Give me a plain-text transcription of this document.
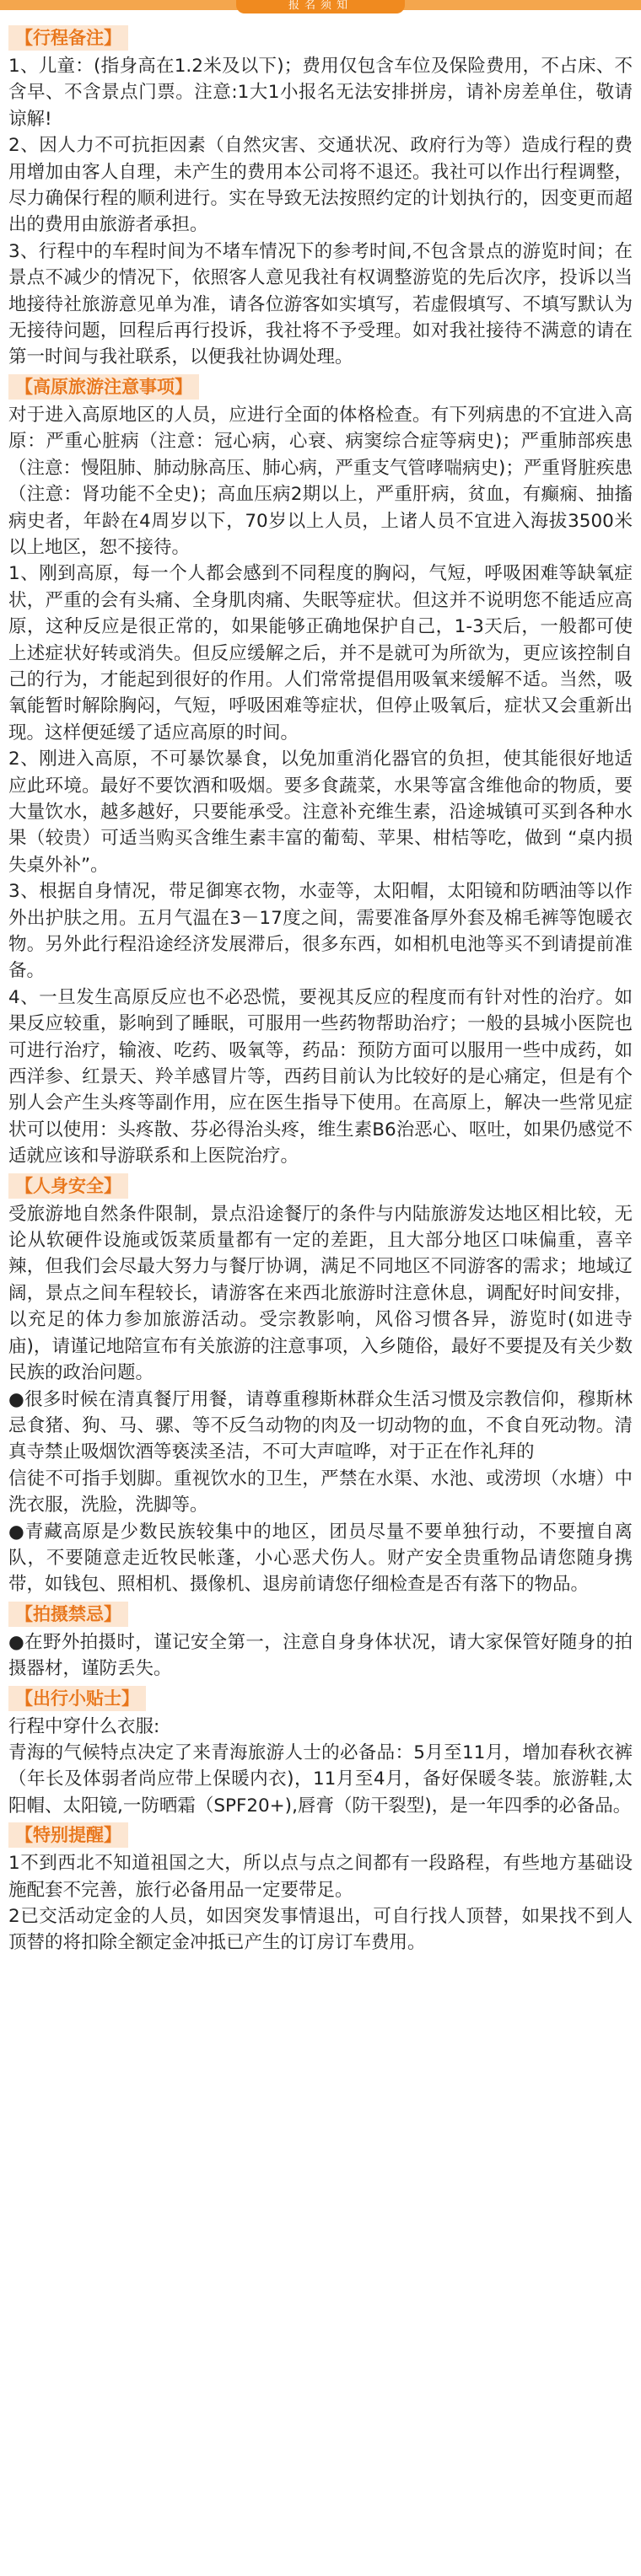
报名须知
【行程备注】

1、儿童：(指身高在1.2米及以下)；费用仅包含车位及保险费用，不占床、不含早、不含景点门票。注意:1大1小报名无法安排拼房，请补房差单住，敬请谅解!

2、因人力不可抗拒因素（自然灾害、交通状况、政府行为等）造成行程的费用增加由客人自理，未产生的费用本公司将不退还。我社可以作出行程调整，尽力确保行程的顺利进行。实在导致无法按照约定的计划执行的，因变更而超出的费用由旅游者承担。

3、行程中的车程时间为不堵车情况下的参考时间,不包含景点的游览时间；在景点不减少的情况下，依照客人意见我社有权调整游览的先后次序，投诉以当地接待社旅游意见单为准，请各位游客如实填写，若虚假填写、不填写默认为无接待问题，回程后再行投诉，我社将不予受理。如对我社接待不满意的请在第一时间与我社联系，以便我社协调处理。

【高原旅游注意事项】

对于进入高原地区的人员，应进行全面的体格检查。有下列病患的不宜进入高原：严重心脏病（注意：冠心病，心衰、病窦综合症等病史)；严重肺部疾患（注意：慢阻肺、肺动脉高压、肺心病，严重支气管哮喘病史)；严重肾脏疾患（注意：肾功能不全史)；高血压病2期以上，严重肝病，贫血，有癫痫、抽搐病史者，年龄在4周岁以下，70岁以上人员，上诸人员不宜进入海拔3500米以上地区，恕不接待。

1、刚到高原，每一个人都会感到不同程度的胸闷，气短，呼吸困难等缺氧症状，严重的会有头痛、全身肌肉痛、失眠等症状。但这并不说明您不能适应高原，这种反应是很正常的，如果能够正确地保护自己，1-3天后，一般都可使上述症状好转或消失。但反应缓解之后，并不是就可为所欲为，更应该控制自己的行为，才能起到很好的作用。人们常常提倡用吸氧来缓解不适。当然，吸氧能暂时解除胸闷，气短，呼吸困难等症状，但停止吸氧后，症状又会重新出现。这样便延缓了适应高原的时间。

2、刚进入高原，不可暴饮暴食，以免加重消化器官的负担，使其能很好地适应此环境。最好不要饮酒和吸烟。要多食蔬菜，水果等富含维他命的物质，要大量饮水，越多越好，只要能承受。注意补充维生素，沿途城镇可买到各种水果（较贵）可适当购买含维生素丰富的葡萄、苹果、柑桔等吃，做到 “桌内损失桌外补”。

3、根据自身情况，带足御寒衣物，水壶等，太阳帽，太阳镜和防晒油等以作外出护肤之用。五月气温在3－17度之间，需要准备厚外套及棉毛裤等饱暖衣物。另外此行程沿途经济发展滞后，很多东西，如相机电池等买不到请提前准备。

4、一旦发生高原反应也不必恐慌，要视其反应的程度而有针对性的治疗。如果反应较重，影响到了睡眠，可服用一些药物帮助治疗；一般的县城小医院也可进行治疗，输液、吃药、吸氧等，药品：预防方面可以服用一些中成药，如西洋参、红景天、羚羊感冒片等，西药目前认为比较好的是心痛定，但是有个别人会产生头疼等副作用，应在医生指导下使用。在高原上，解决一些常见症状可以使用：头疼散、芬必得治头疼，维生素B6治恶心、呕吐，如果仍感觉不适就应该和导游联系和上医院治疗。

【人身安全】

受旅游地自然条件限制，景点沿途餐厅的条件与内陆旅游发达地区相比较，无论从软硬件设施或饭菜质量都有一定的差距，且大部分地区口味偏重，喜辛辣，但我们会尽最大努力与餐厅协调，满足不同地区不同游客的需求；地域辽阔，景点之间车程较长，请游客在来西北旅游时注意休息，调配好时间安排，以充足的体力参加旅游活动。受宗教影响，风俗习惯各异，游览时(如进寺庙)，请谨记地陪宣布有关旅游的注意事项，入乡随俗，最好不要提及有关少数民族的政治问题。

●很多时候在清真餐厅用餐，请尊重穆斯林群众生活习惯及宗教信仰，穆斯林忌食猪、狗、马、骡、等不反刍动物的肉及一切动物的血，不食自死动物。清真寺禁止吸烟饮酒等亵渎圣洁，不可大声喧哗，对于正在作礼拜的

信徒不可指手划脚。重视饮水的卫生，严禁在水渠、水池、或涝坝（水塘）中洗衣服，洗脸，洗脚等。

●青藏高原是少数民族较集中的地区，团员尽量不要单独行动，不要擅自离队，不要随意走近牧民帐蓬，小心恶犬伤人。财产安全贵重物品请您随身携带，如钱包、照相机、摄像机、退房前请您仔细检查是否有落下的物品。

【拍摄禁忌】

●在野外拍摄时，谨记安全第一，注意自身身体状况，请大家保管好随身的拍摄器材，谨防丢失。

【出行小贴士】

行程中穿什么衣服:

青海的气候特点决定了来青海旅游人士的必备品：5月至11月，增加春秋衣裤（年长及体弱者尚应带上保暖内衣)，11月至4月，备好保暖冬装。旅游鞋,太阳帽、太阳镜,一防晒霜（SPF20+),唇膏（防干裂型)，是一年四季的必备品。

【特别提醒】

1不到西北不知道祖国之大，所以点与点之间都有一段路程，有些地方基础设施配套不完善，旅行必备用品一定要带足。

2已交活动定金的人员，如因突发事情退出，可自行找人顶替，如果找不到人顶替的将扣除全额定金冲抵已产生的订房订车费用。
